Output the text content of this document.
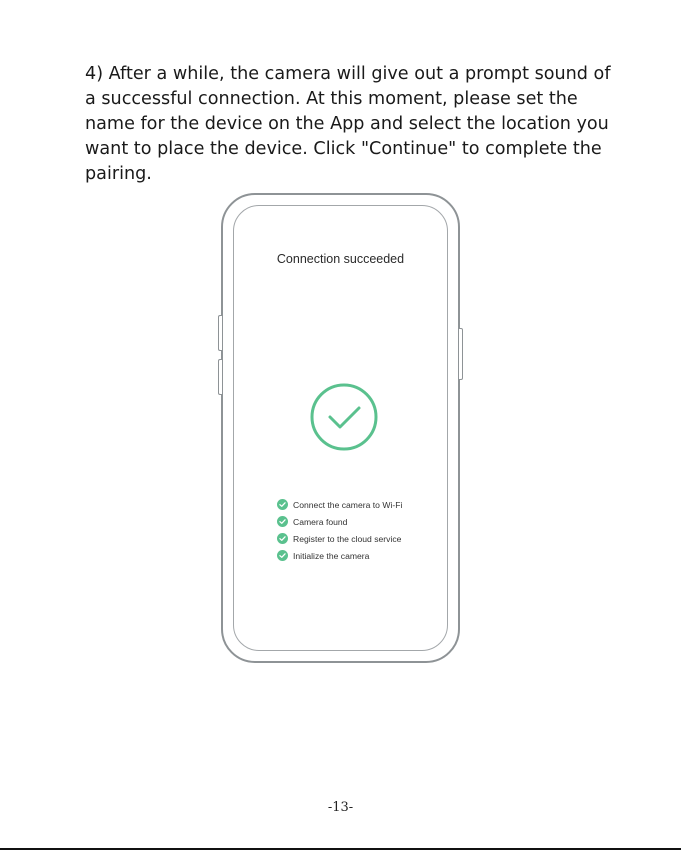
4) After a while, the camera will give out a prompt sound of a successful connection. At this moment, please set the name for the device on the App and select the location you want to place the device. Click "Continue" to complete the pairing.

Connection succeeded
Connect the camera to Wi-Fi
Camera found
Register to the cloud service
Initialize the camera
-13-
